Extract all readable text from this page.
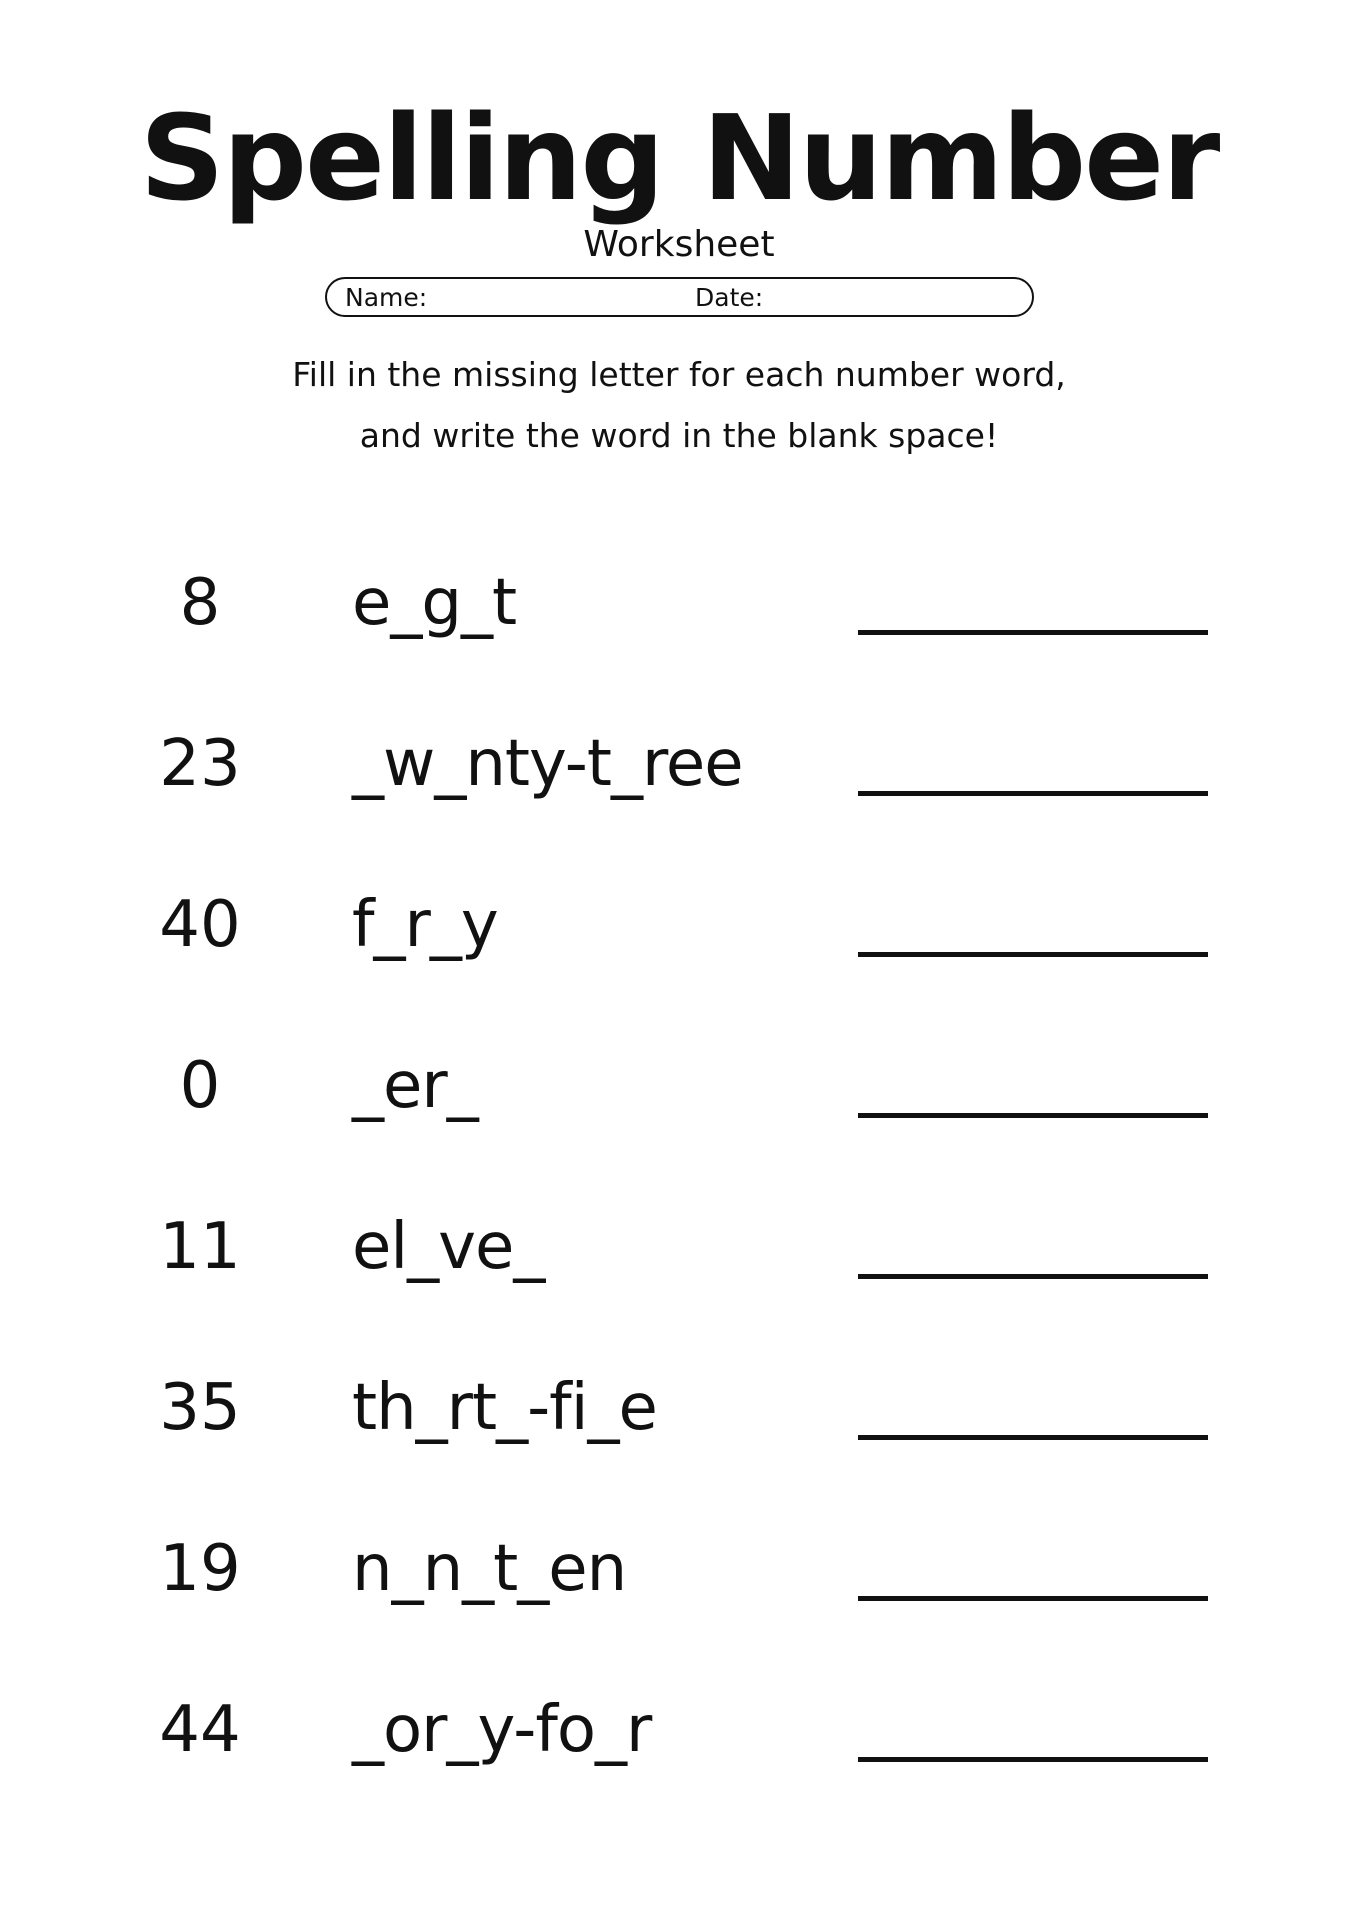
Spelling Number
Worksheet
Name:	Date:
Fill in the missing letter for each number word,
and write the word in the blank space!
8	e_g_t
23	_w_nty-t_ree
40	f_r_y
0	_er_
11	el_ve_
35	th_rt_-fi_e
19	n_n_t_en
44	_or_y-fo_r
